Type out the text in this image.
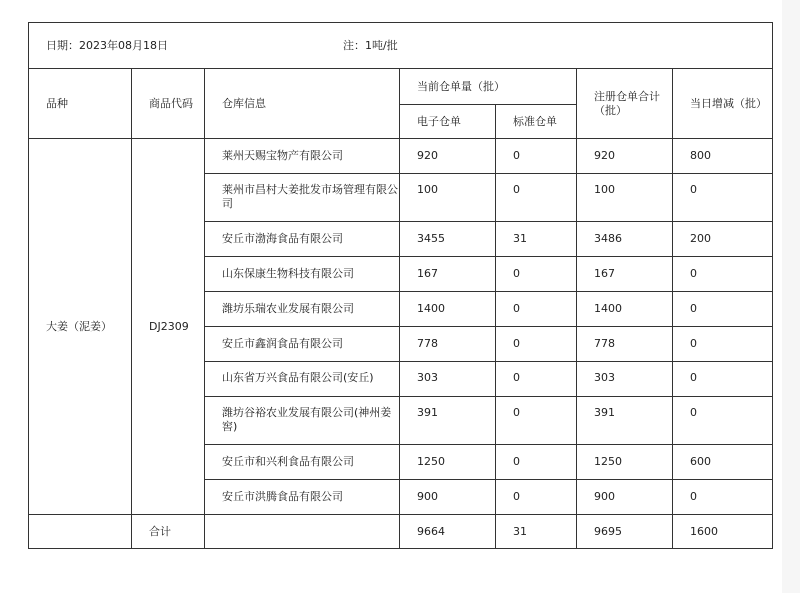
日期：2023年08月18日 注：1吨/批						
品种	商品代码	仓库信息	当前仓单量（批）		注册仓单合计（批）	当日增减（批）
			电子仓单	标准仓单		
大姜（泥姜）	DJ2309	莱州天赐宝物产有限公司	920	0	920	800
		莱州市昌村大姜批发市场管理有限公司	100	0	100	0
		安丘市渤海食品有限公司	3455	31	3486	200
		山东保康生物科技有限公司	167	0	167	0
		潍坊乐瑞农业发展有限公司	1400	0	1400	0
		安丘市鑫润食品有限公司	778	0	778	0
		山东省万兴食品有限公司(安丘)	303	0	303	0
		潍坊谷裕农业发展有限公司(神州姜窖)	391	0	391	0
		安丘市和兴利食品有限公司	1250	0	1250	600
		安丘市洪腾食品有限公司	900	0	900	0
	合计		9664	31	9695	1600
